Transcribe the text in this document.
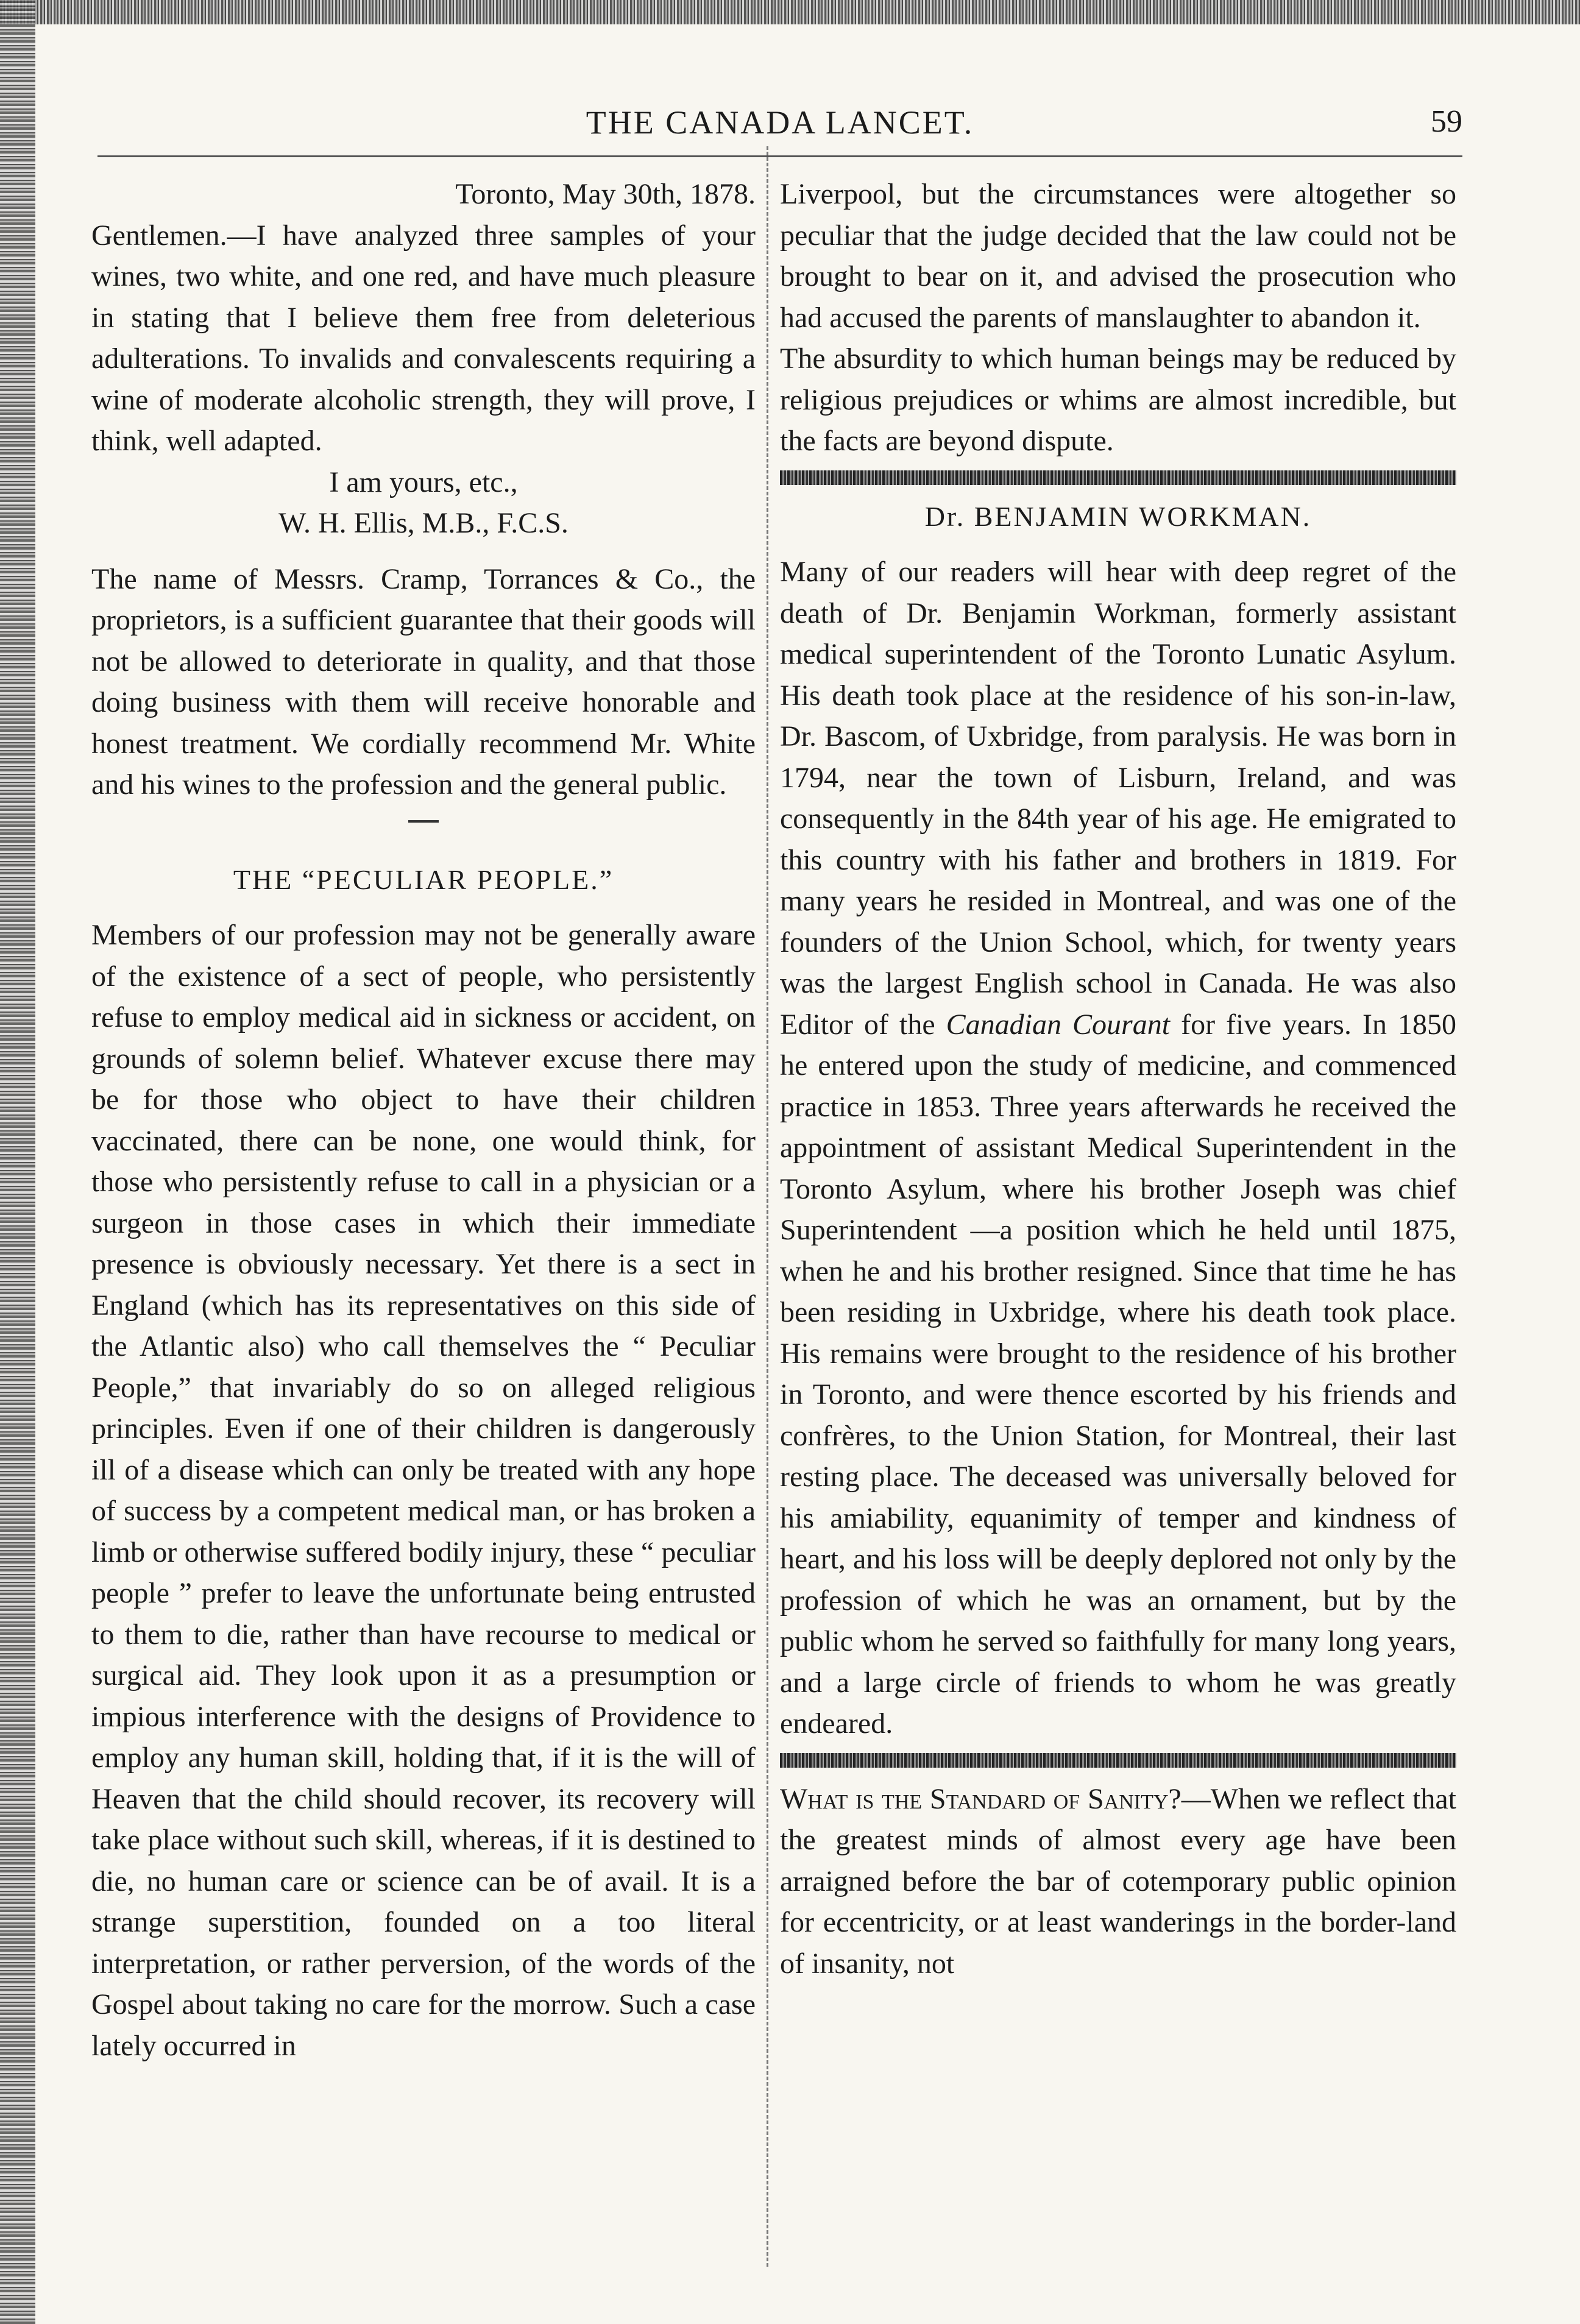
THE CANADA LANCET.	59

Toronto, May 30th, 1878.

Gentlemen.—I have analyzed three samples of your wines, two white, and one red, and have much pleasure in stating that I believe them free from deleterious adulterations. To invalids and convalescents requiring a wine of moderate alcoholic strength, they will prove, I think, well adapted.

I am yours, etc.,

W. H. Ellis, M.B., F.C.S.

The name of Messrs. Cramp, Torrances & Co., the proprietors, is a sufficient guarantee that their goods will not be allowed to deteriorate in quality, and that those doing business with them will receive honorable and honest treatment. We cordially recommend Mr. White and his wines to the profession and the general public.

THE “PECULIAR PEOPLE.”

Members of our profession may not be generally aware of the existence of a sect of people, who persistently refuse to employ medical aid in sickness or accident, on grounds of solemn belief. Whatever excuse there may be for those who object to have their children vaccinated, there can be none, one would think, for those who persistently refuse to call in a physician or a surgeon in those cases in which their immediate presence is obviously necessary. Yet there is a sect in England (which has its representatives on this side of the Atlantic also) who call themselves the “ Peculiar People,” that invariably do so on alleged religious principles. Even if one of their children is dangerously ill of a disease which can only be treated with any hope of success by a competent medical man, or has broken a limb or otherwise suffered bodily injury, these “ peculiar people ” prefer to leave the unfortunate being entrusted to them to die, rather than have recourse to medical or surgical aid. They look upon it as a presumption or impious interference with the designs of Providence to employ any human skill, holding that, if it is the will of Heaven that the child should recover, its recovery will take place without such skill, whereas, if it is destined to die, no human care or science can be of avail. It is a strange superstition, founded on a too literal interpretation, or rather perversion, of the words of the Gospel about taking no care for the morrow. Such a case lately occurred in

Liverpool, but the circumstances were altogether so peculiar that the judge decided that the law could not be brought to bear on it, and advised the prosecution who had accused the parents of manslaughter to abandon it.

The absurdity to which human beings may be reduced by religious prejudices or whims are almost incredible, but the facts are beyond dispute.

Dr. BENJAMIN WORKMAN.

Many of our readers will hear with deep regret of the death of Dr. Benjamin Workman, formerly assistant medical superintendent of the Toronto Lunatic Asylum. His death took place at the residence of his son-in-law, Dr. Bascom, of Uxbridge, from paralysis. He was born in 1794, near the town of Lisburn, Ireland, and was consequently in the 84th year of his age. He emigrated to this country with his father and brothers in 1819. For many years he resided in Montreal, and was one of the founders of the Union School, which, for twenty years was the largest English school in Canada. He was also Editor of the Canadian Courant for five years. In 1850 he entered upon the study of medicine, and commenced practice in 1853. Three years afterwards he received the appointment of assistant Medical Superintendent in the Toronto Asylum, where his brother Joseph was chief Superintendent —a position which he held until 1875, when he and his brother resigned. Since that time he has been residing in Uxbridge, where his death took place. His remains were brought to the residence of his brother in Toronto, and were thence escorted by his friends and confrères, to the Union Station, for Montreal, their last resting place. The deceased was universally beloved for his amiability, equanimity of temper and kindness of heart, and his loss will be deeply deplored not only by the profession of which he was an ornament, but by the public whom he served so faithfully for many long years, and a large circle of friends to whom he was greatly endeared.

What is the Standard of Sanity?—When we reflect that the greatest minds of almost every age have been arraigned before the bar of cotemporary public opinion for eccentricity, or at least wanderings in the border-land of insanity, not
